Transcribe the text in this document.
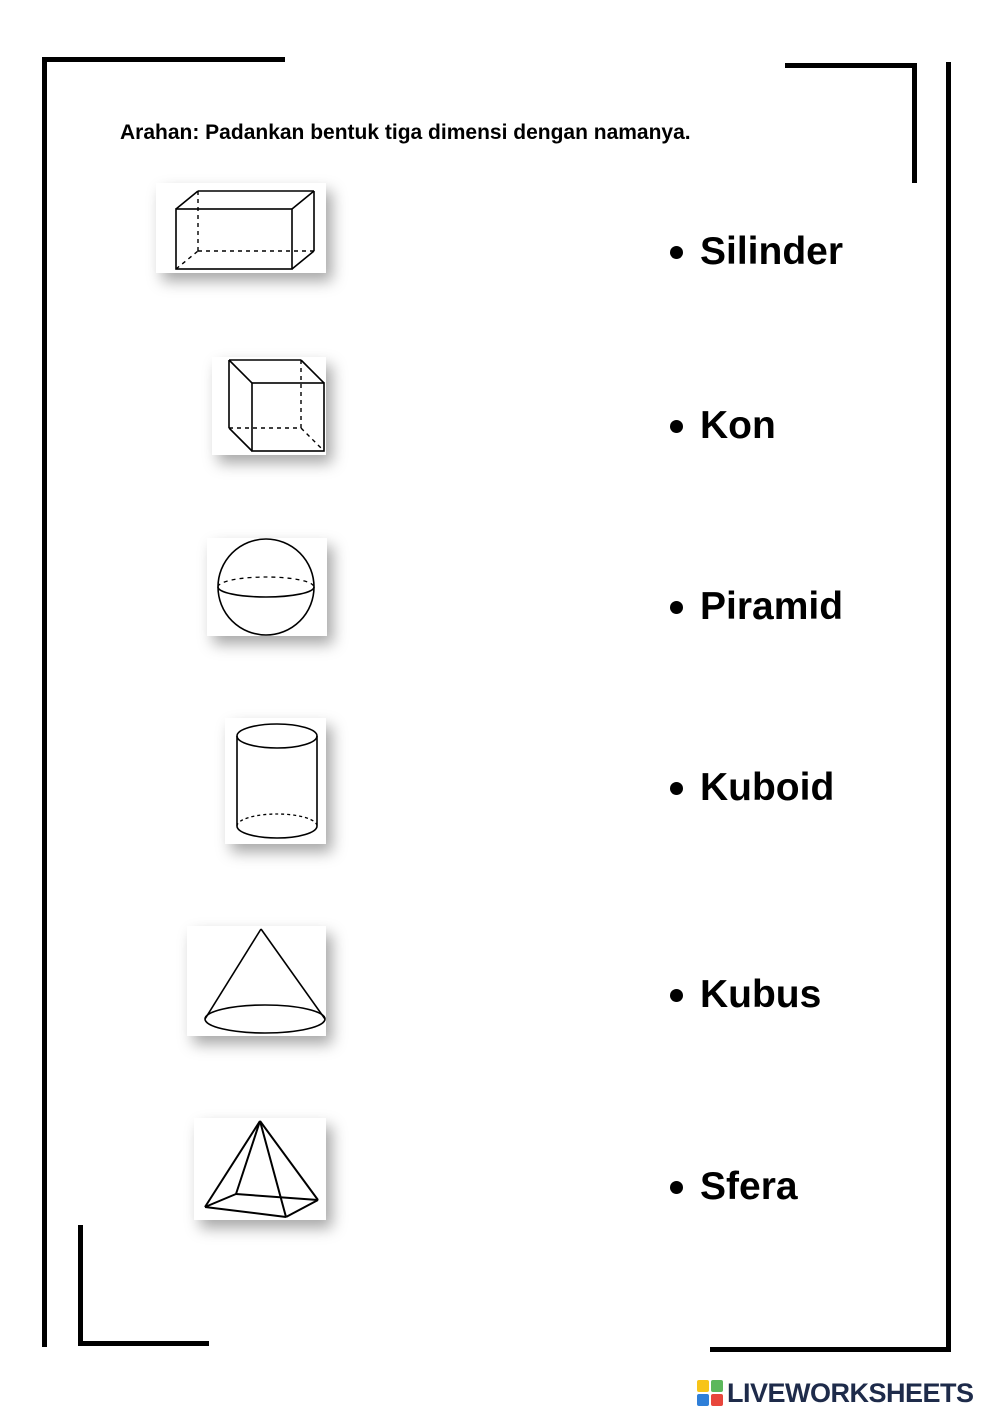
Arahan: Padankan bentuk tiga dimensi dengan namanya.
Silinder
Kon
Piramid
Kuboid
Kubus
Sfera
LIVEWORKSHEETS
